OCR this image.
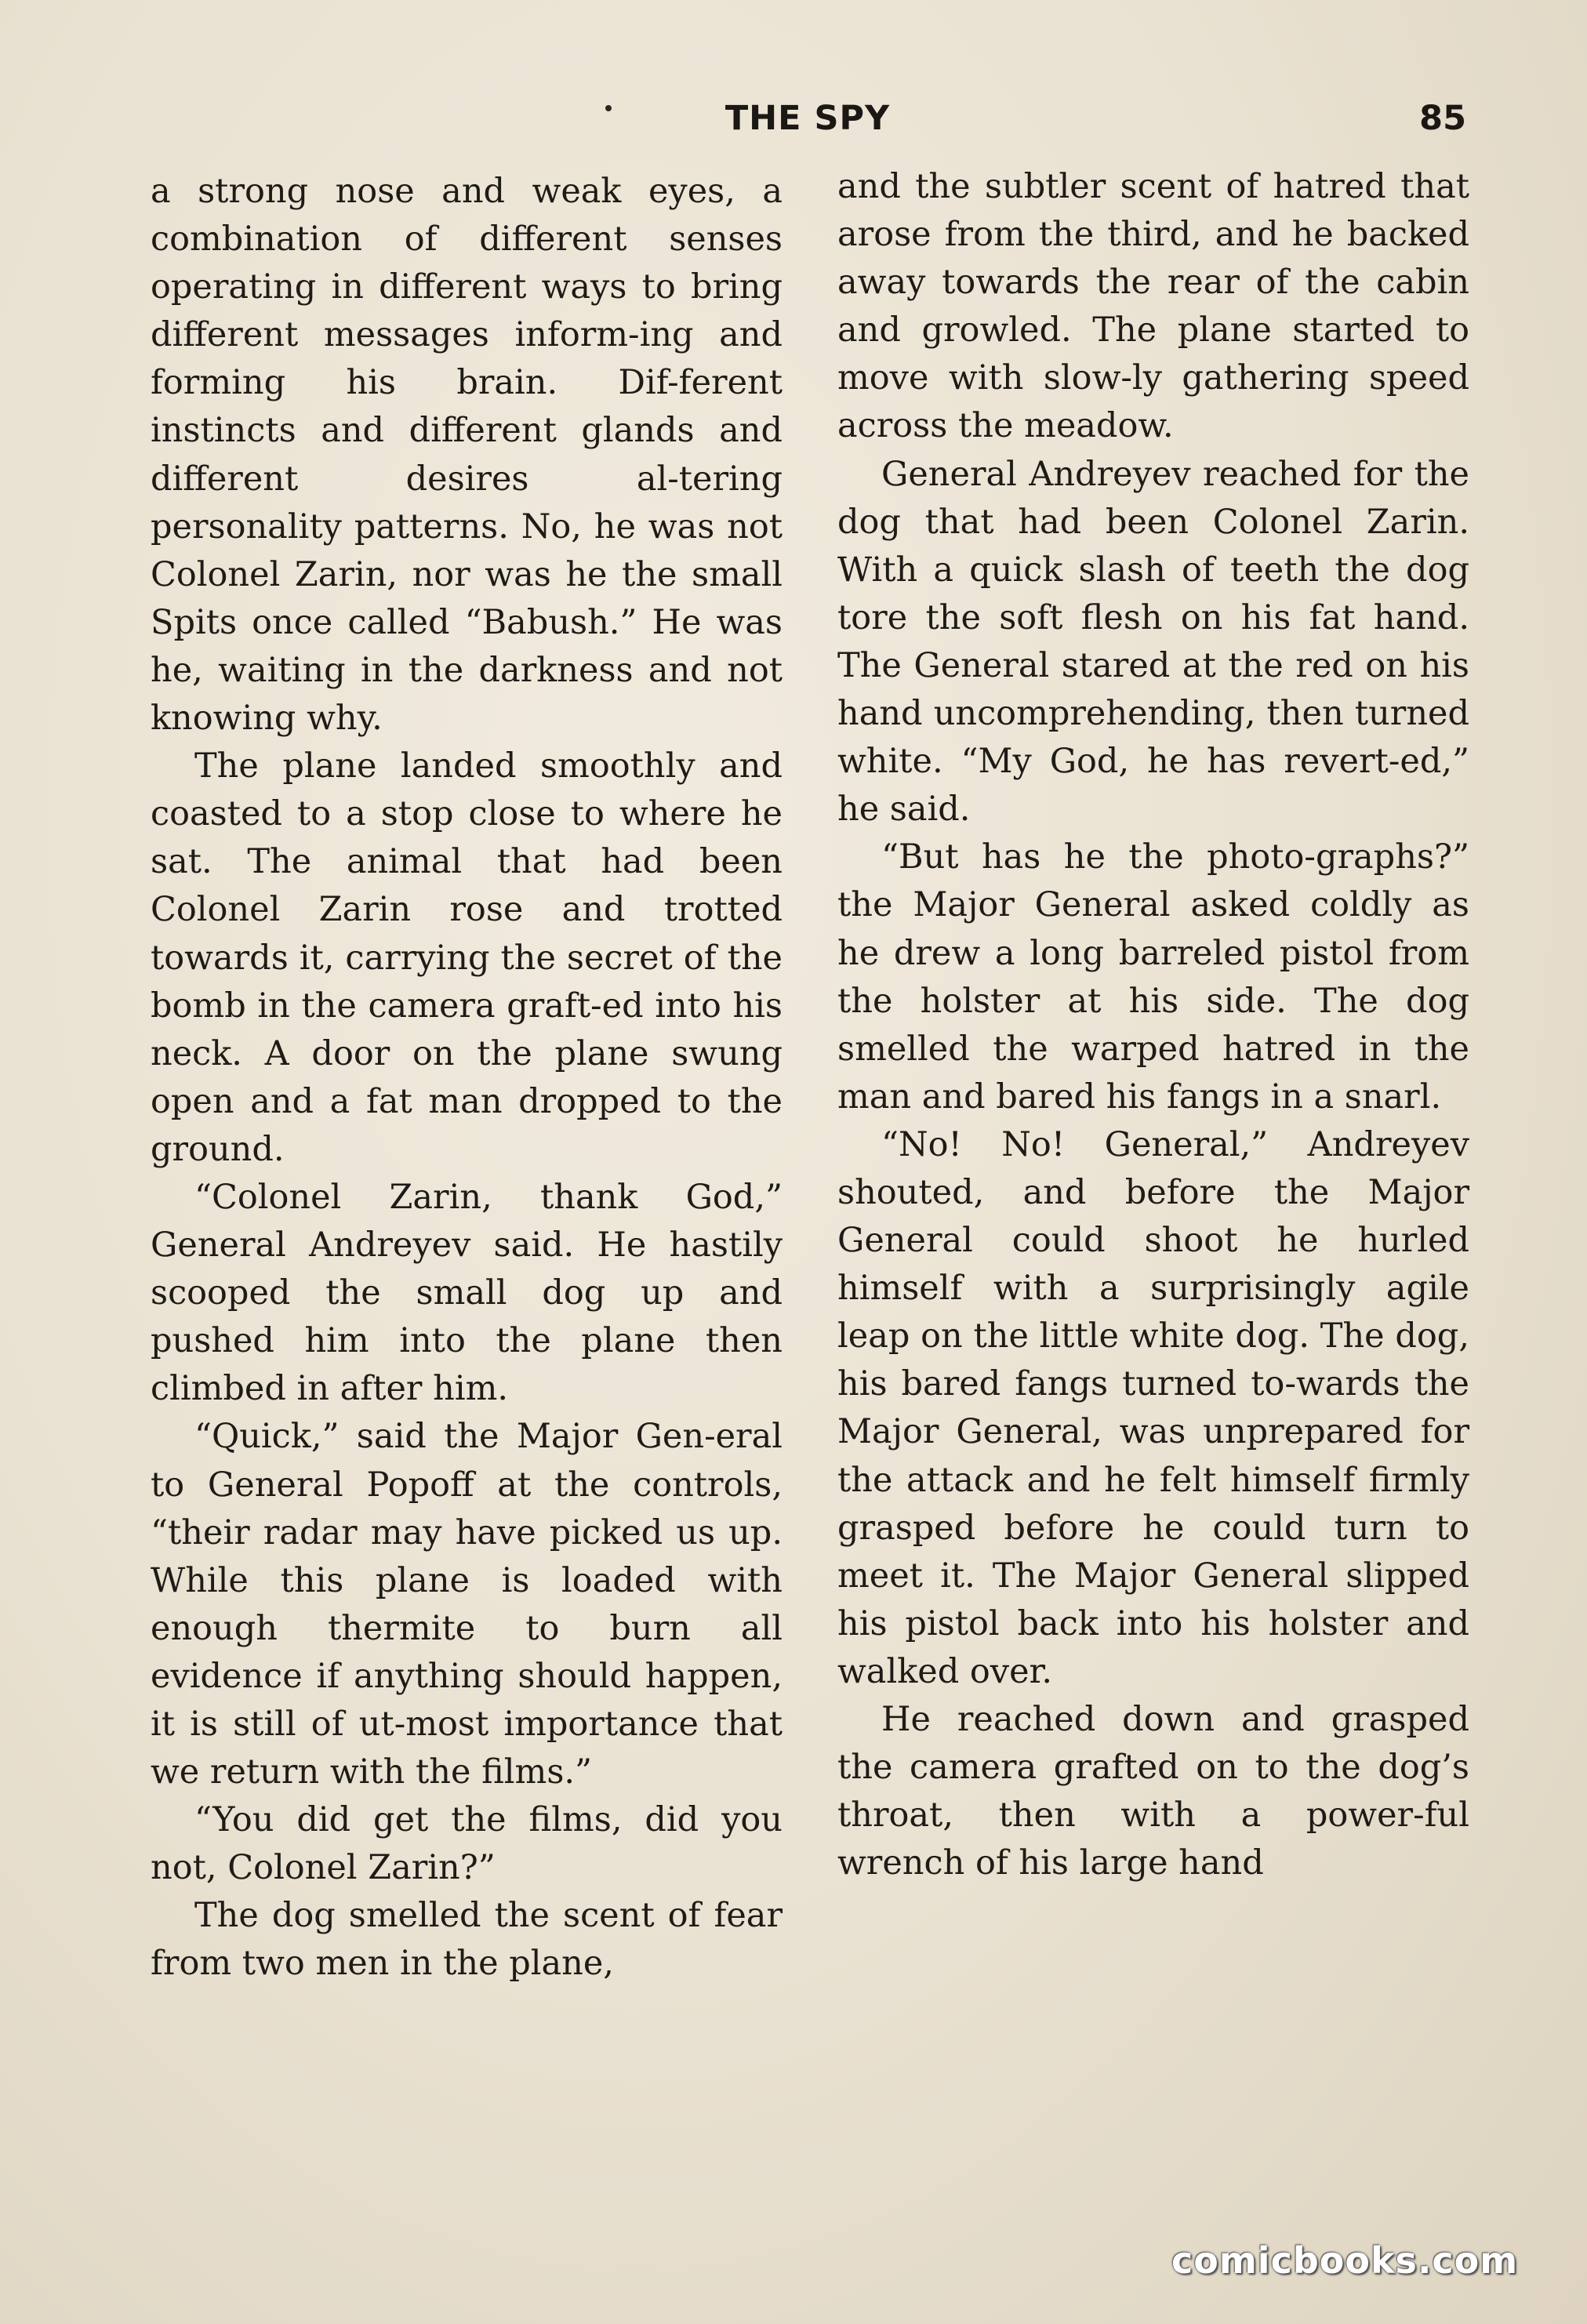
THE SPY	85

a strong nose and weak eyes, a combination of different senses operating in different ways to bring different messages inform-ing and forming his brain. Dif-ferent instincts and different glands and different desires al-tering personality patterns. No, he was not Colonel Zarin, nor was he the small Spits once called “Babush.” He was he, waiting in the darkness and not knowing why.

The plane landed smoothly and coasted to a stop close to where he sat. The animal that had been Colonel Zarin rose and trotted towards it, carrying the secret of the bomb in the camera graft-ed into his neck. A door on the plane swung open and a fat man dropped to the ground.

“Colonel Zarin, thank God,” General Andreyev said. He hastily scooped the small dog up and pushed him into the plane then climbed in after him.

“Quick,” said the Major Gen-eral to General Popoff at the controls, “their radar may have picked us up. While this plane is loaded with enough thermite to burn all evidence if anything should happen, it is still of ut-most importance that we return with the films.”

“You did get the films, did you not, Colonel Zarin?”

The dog smelled the scent of fear from two men in the plane,

and the subtler scent of hatred that arose from the third, and he backed away towards the rear of the cabin and growled. The plane started to move with slow-ly gathering speed across the meadow.

General Andreyev reached for the dog that had been Colonel Zarin. With a quick slash of teeth the dog tore the soft flesh on his fat hand. The General stared at the red on his hand uncomprehending, then turned white. “My God, he has revert-ed,” he said.

“But has he the photo-graphs?” the Major General asked coldly as he drew a long barreled pistol from the holster at his side. The dog smelled the warped hatred in the man and bared his fangs in a snarl.

“No! No! General,” Andreyev shouted, and before the Major General could shoot he hurled himself with a surprisingly agile leap on the little white dog. The dog, his bared fangs turned to-wards the Major General, was unprepared for the attack and he felt himself firmly grasped before he could turn to meet it. The Major General slipped his pistol back into his holster and walked over.

He reached down and grasped the camera grafted on to the dog’s throat, then with a power-ful wrench of his large hand

comicbooks.com
